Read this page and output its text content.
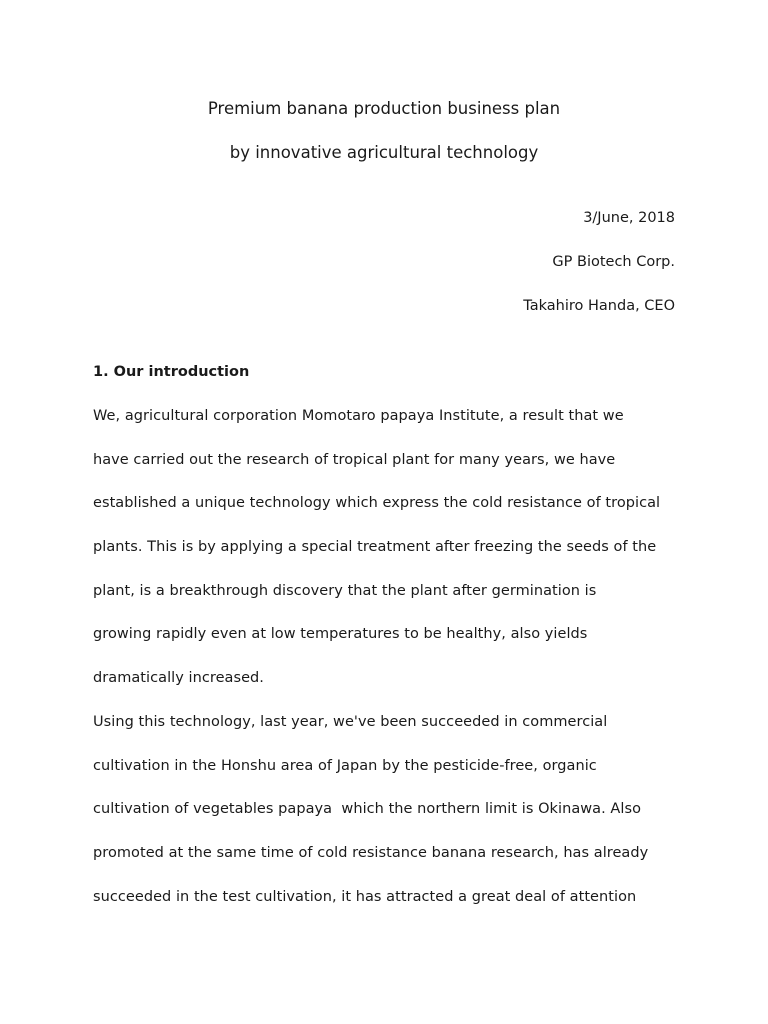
Premium banana production business plan
by innovative agricultural technology
3/June, 2018
GP Biotech Corp.
Takahiro Handa, CEO
1. Our introduction
We, agricultural corporation Momotaro papaya Institute, a result that we
have carried out the research of tropical plant for many years, we have
established a unique technology which express the cold resistance of tropical
plants. This is by applying a special treatment after freezing the seeds of the
plant, is a breakthrough discovery that the plant after germination is
growing rapidly even at low temperatures to be healthy, also yields
dramatically increased.
Using this technology, last year, we've been succeeded in commercial
cultivation in the Honshu area of Japan by the pesticide-free, organic
cultivation of vegetables papaya  which the northern limit is Okinawa. Also
promoted at the same time of cold resistance banana research, has already
succeeded in the test cultivation, it has attracted a great deal of attention
